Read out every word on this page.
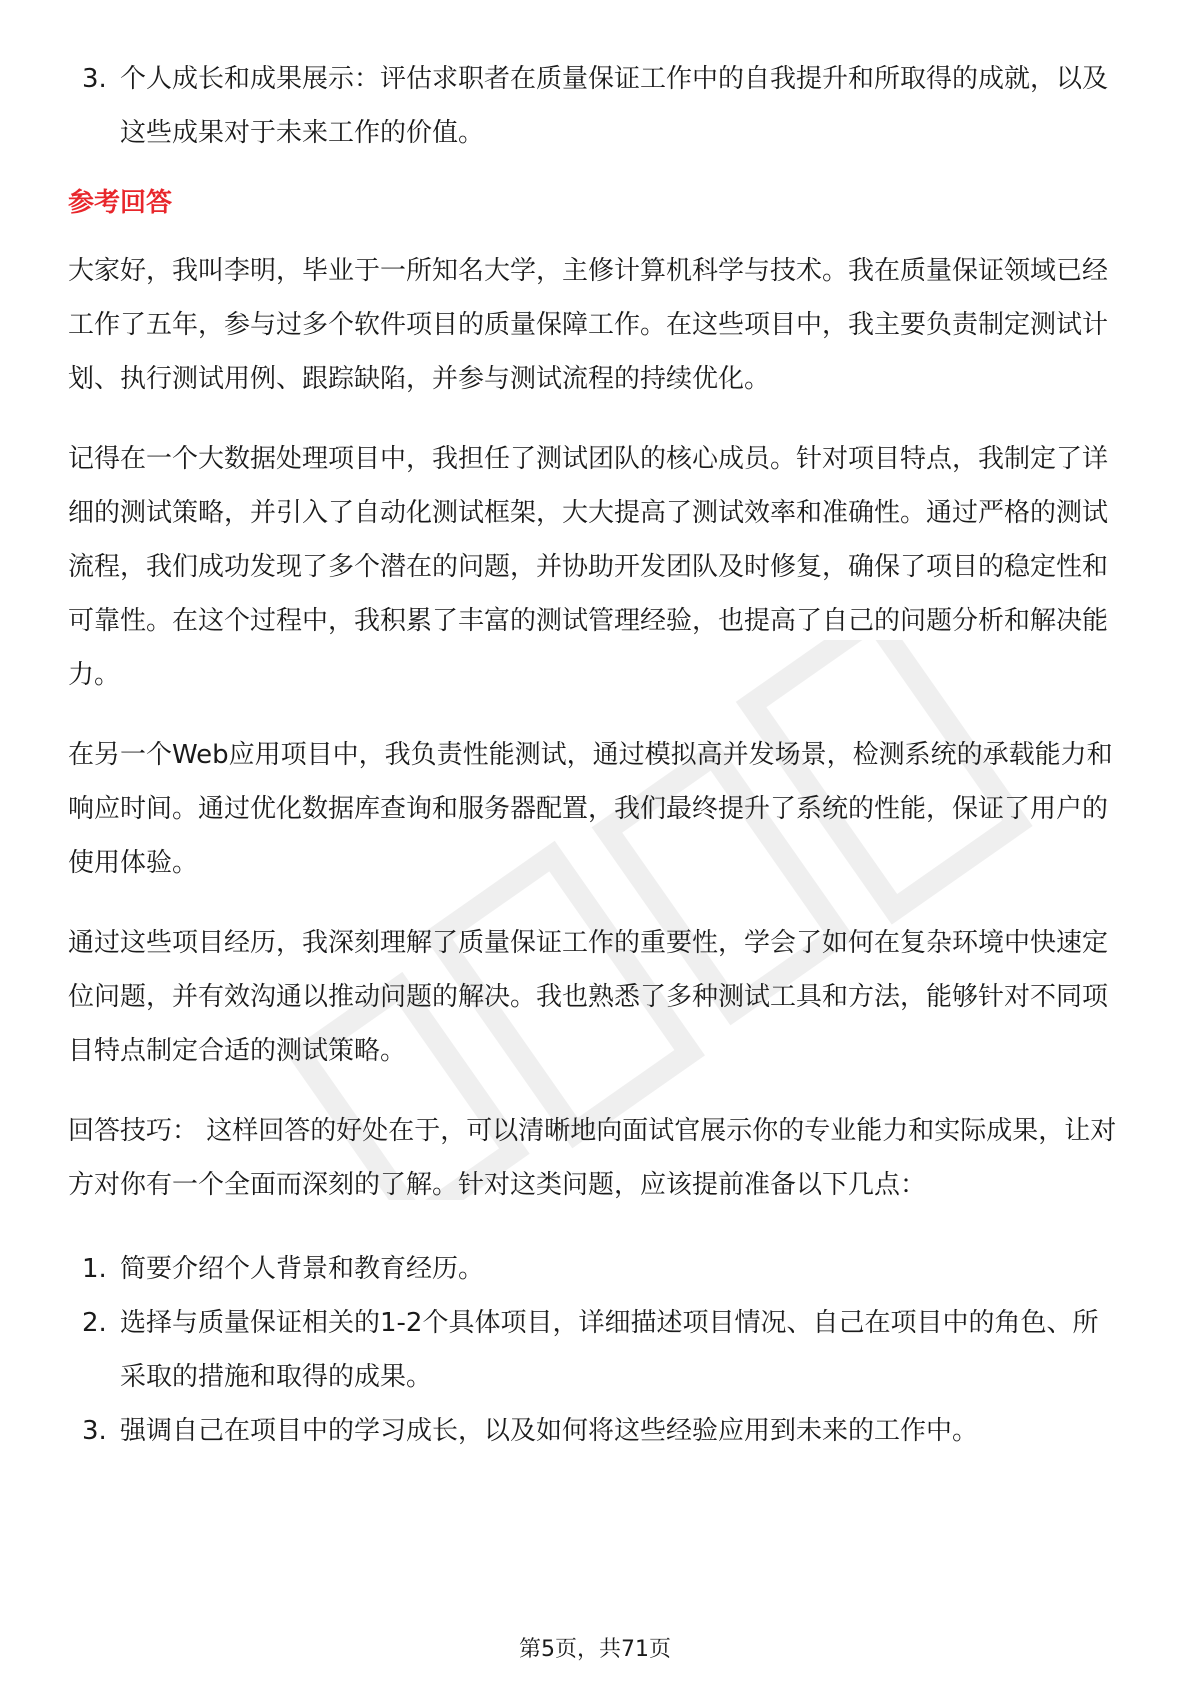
3. 个人成长和成果展示：评估求职者在质量保证工作中的自我提升和所取得的成就，以及这些成果对于未来工作的价值。
参考回答

大家好，我叫李明，毕业于一所知名大学，主修计算机科学与技术。我在质量保证领域已经工作了五年，参与过多个软件项目的质量保障工作。在这些项目中，我主要负责制定测试计划、执行测试用例、跟踪缺陷，并参与测试流程的持续优化。

记得在一个大数据处理项目中，我担任了测试团队的核心成员。针对项目特点，我制定了详细的测试策略，并引入了自动化测试框架，大大提高了测试效率和准确性。通过严格的测试流程，我们成功发现了多个潜在的问题，并协助开发团队及时修复，确保了项目的稳定性和可靠性。在这个过程中，我积累了丰富的测试管理经验，也提高了自己的问题分析和解决能力。

在另一个Web应用项目中，我负责性能测试，通过模拟高并发场景，检测系统的承载能力和响应时间。通过优化数据库查询和服务器配置，我们最终提升了系统的性能，保证了用户的使用体验。

通过这些项目经历，我深刻理解了质量保证工作的重要性，学会了如何在复杂环境中快速定位问题，并有效沟通以推动问题的解决。我也熟悉了多种测试工具和方法，能够针对不同项目特点制定合适的测试策略。

回答技巧： 这样回答的好处在于，可以清晰地向面试官展示你的专业能力和实际成果，让对方对你有一个全面而深刻的了解。针对这类问题，应该提前准备以下几点：

1. 简要介绍个人背景和教育经历。
2. 选择与质量保证相关的1-2个具体项目，详细描述项目情况、自己在项目中的角色、所采取的措施和取得的成果。
3. 强调自己在项目中的学习成长，以及如何将这些经验应用到未来的工作中。
第5页，共71页
